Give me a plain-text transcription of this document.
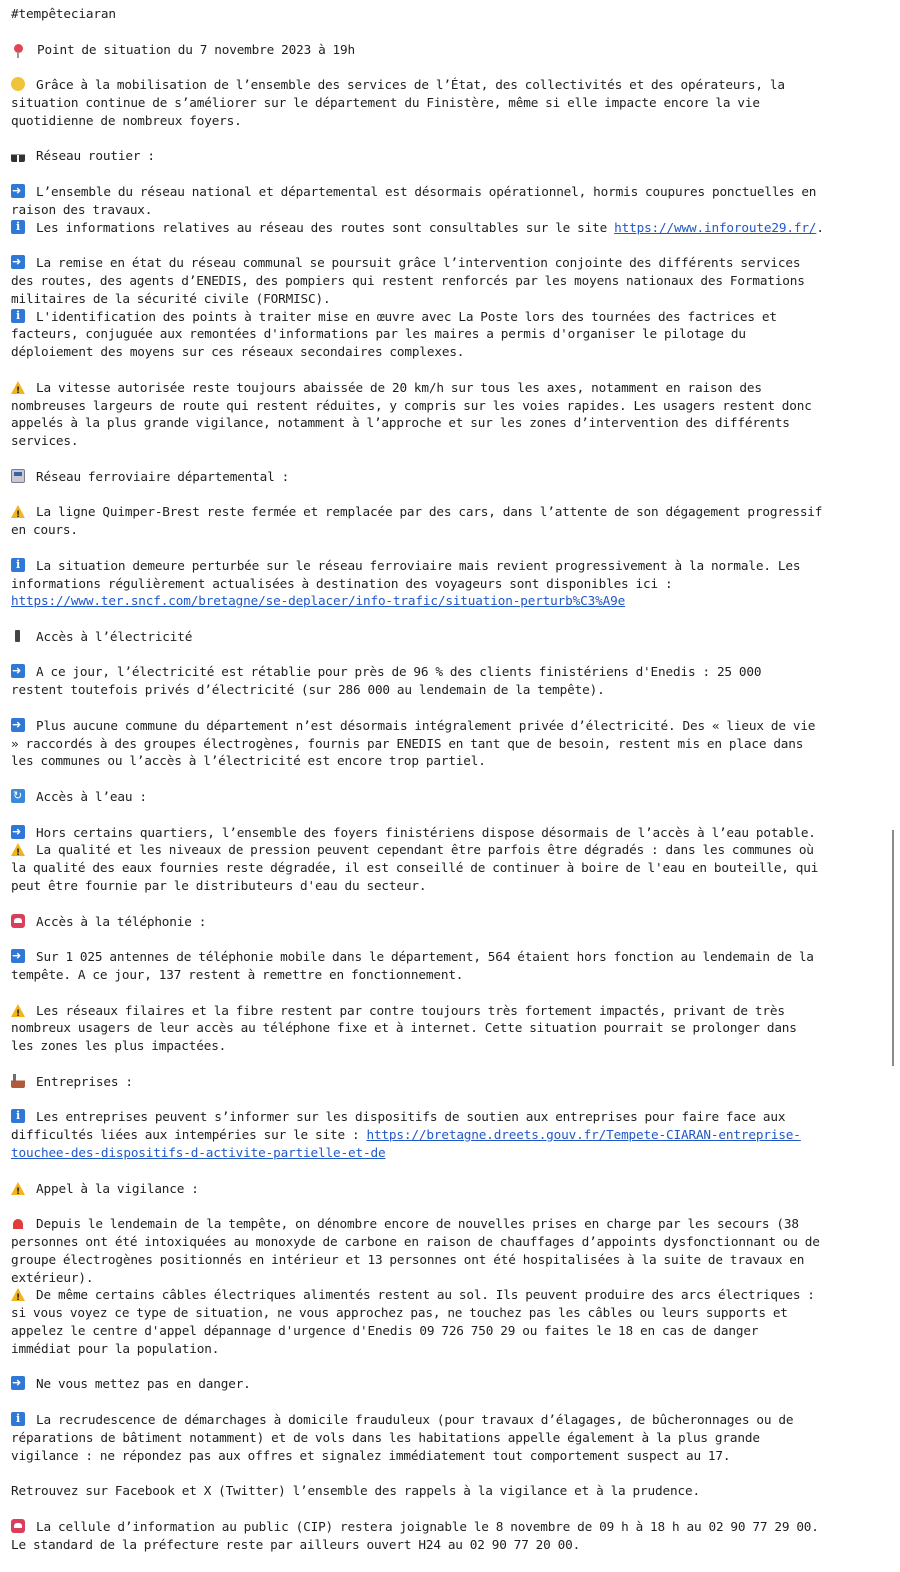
#tempêteciaran
Point de situation du 7 novembre 2023 à 19h
Grâce à la mobilisation de l’ensemble des services de l’État, des collectivités et des opérateurs, la
situation continue de s’améliorer sur le département du Finistère, même si elle impacte encore la vie
quotidienne de nombreux foyers.
Réseau routier :
➜L’ensemble du réseau national et départemental est désormais opérationnel, hormis coupures ponctuelles en
raison des travaux.
iLes informations relatives au réseau des routes sont consultables sur le site https://www.inforoute29.fr/.
➜La remise en état du réseau communal se poursuit grâce l’intervention conjointe des différents services
des routes, des agents d’ENEDIS, des pompiers qui restent renforcés par les moyens nationaux des Formations
militaires de la sécurité civile (FORMISC).
iL'identification des points à traiter mise en œuvre avec La Poste lors des tournées des factrices et
facteurs, conjuguée aux remontées d'informations par les maires a permis d'organiser le pilotage du
déploiement des moyens sur ces réseaux secondaires complexes.
!La vitesse autorisée reste toujours abaissée de 20 km/h sur tous les axes, notamment en raison des
nombreuses largeurs de route qui restent réduites, y compris sur les voies rapides. Les usagers restent donc
appelés à la plus grande vigilance, notamment à l’approche et sur les zones d’intervention des différents
services.
Réseau ferroviaire départemental :
!La ligne Quimper-Brest reste fermée et remplacée par des cars, dans l’attente de son dégagement progressif
en cours.
iLa situation demeure perturbée sur le réseau ferroviaire mais revient progressivement à la normale. Les
informations régulièrement actualisées à destination des voyageurs sont disponibles ici :
https://www.ter.sncf.com/bretagne/se-deplacer/info-trafic/situation-perturb%C3%A9e
Accès à l’électricité
➜A ce jour, l’électricité est rétablie pour près de 96 % des clients finistériens d'Enedis : 25 000
restent toutefois privés d’électricité (sur 286 000 au lendemain de la tempête).
➜Plus aucune commune du département n’est désormais intégralement privée d’électricité. Des « lieux de vie
» raccordés à des groupes électrogènes, fournis par ENEDIS en tant que de besoin, restent mis en place dans
les communes ou l’accès à l’électricité est encore trop partiel.
↻Accès à l’eau :
➜Hors certains quartiers, l’ensemble des foyers finistériens dispose désormais de l’accès à l’eau potable.
!La qualité et les niveaux de pression peuvent cependant être parfois être dégradés : dans les communes où
la qualité des eaux fournies reste dégradée, il est conseillé de continuer à boire de l'eau en bouteille, qui
peut être fournie par le distributeurs d'eau du secteur.
Accès à la téléphonie :
➜Sur 1 025 antennes de téléphonie mobile dans le département, 564 étaient hors fonction au lendemain de la
tempête. A ce jour, 137 restent à remettre en fonctionnement.
!Les réseaux filaires et la fibre restent par contre toujours très fortement impactés, privant de très
nombreux usagers de leur accès au téléphone fixe et à internet. Cette situation pourrait se prolonger dans
les zones les plus impactées.
Entreprises :
iLes entreprises peuvent s’informer sur les dispositifs de soutien aux entreprises pour faire face aux
difficultés liées aux intempéries sur le site : https://bretagne.dreets.gouv.fr/Tempete-CIARAN-entreprise-
touchee-des-dispositifs-d-activite-partielle-et-de
!Appel à la vigilance :
Depuis le lendemain de la tempête, on dénombre encore de nouvelles prises en charge par les secours (38
personnes ont été intoxiquées au monoxyde de carbone en raison de chauffages d’appoints dysfonctionnant ou de
groupe électrogènes positionnés en intérieur et 13 personnes ont été hospitalisées à la suite de travaux en
extérieur).
!De même certains câbles électriques alimentés restent au sol. Ils peuvent produire des arcs électriques :
si vous voyez ce type de situation, ne vous approchez pas, ne touchez pas les câbles ou leurs supports et
appelez le centre d'appel dépannage d'urgence d'Enedis 09 726 750 29 ou faites le 18 en cas de danger
immédiat pour la population.
➜Ne vous mettez pas en danger.
iLa recrudescence de démarchages à domicile frauduleux (pour travaux d’élagages, de bûcheronnages ou de
réparations de bâtiment notamment) et de vols dans les habitations appelle également à la plus grande
vigilance : ne répondez pas aux offres et signalez immédiatement tout comportement suspect au 17.
Retrouvez sur Facebook et X (Twitter) l’ensemble des rappels à la vigilance et à la prudence.
La cellule d’information au public (CIP) restera joignable le 8 novembre de 09 h à 18 h au 02 90 77 29 00.
Le standard de la préfecture reste par ailleurs ouvert H24 au 02 90 77 20 00.
